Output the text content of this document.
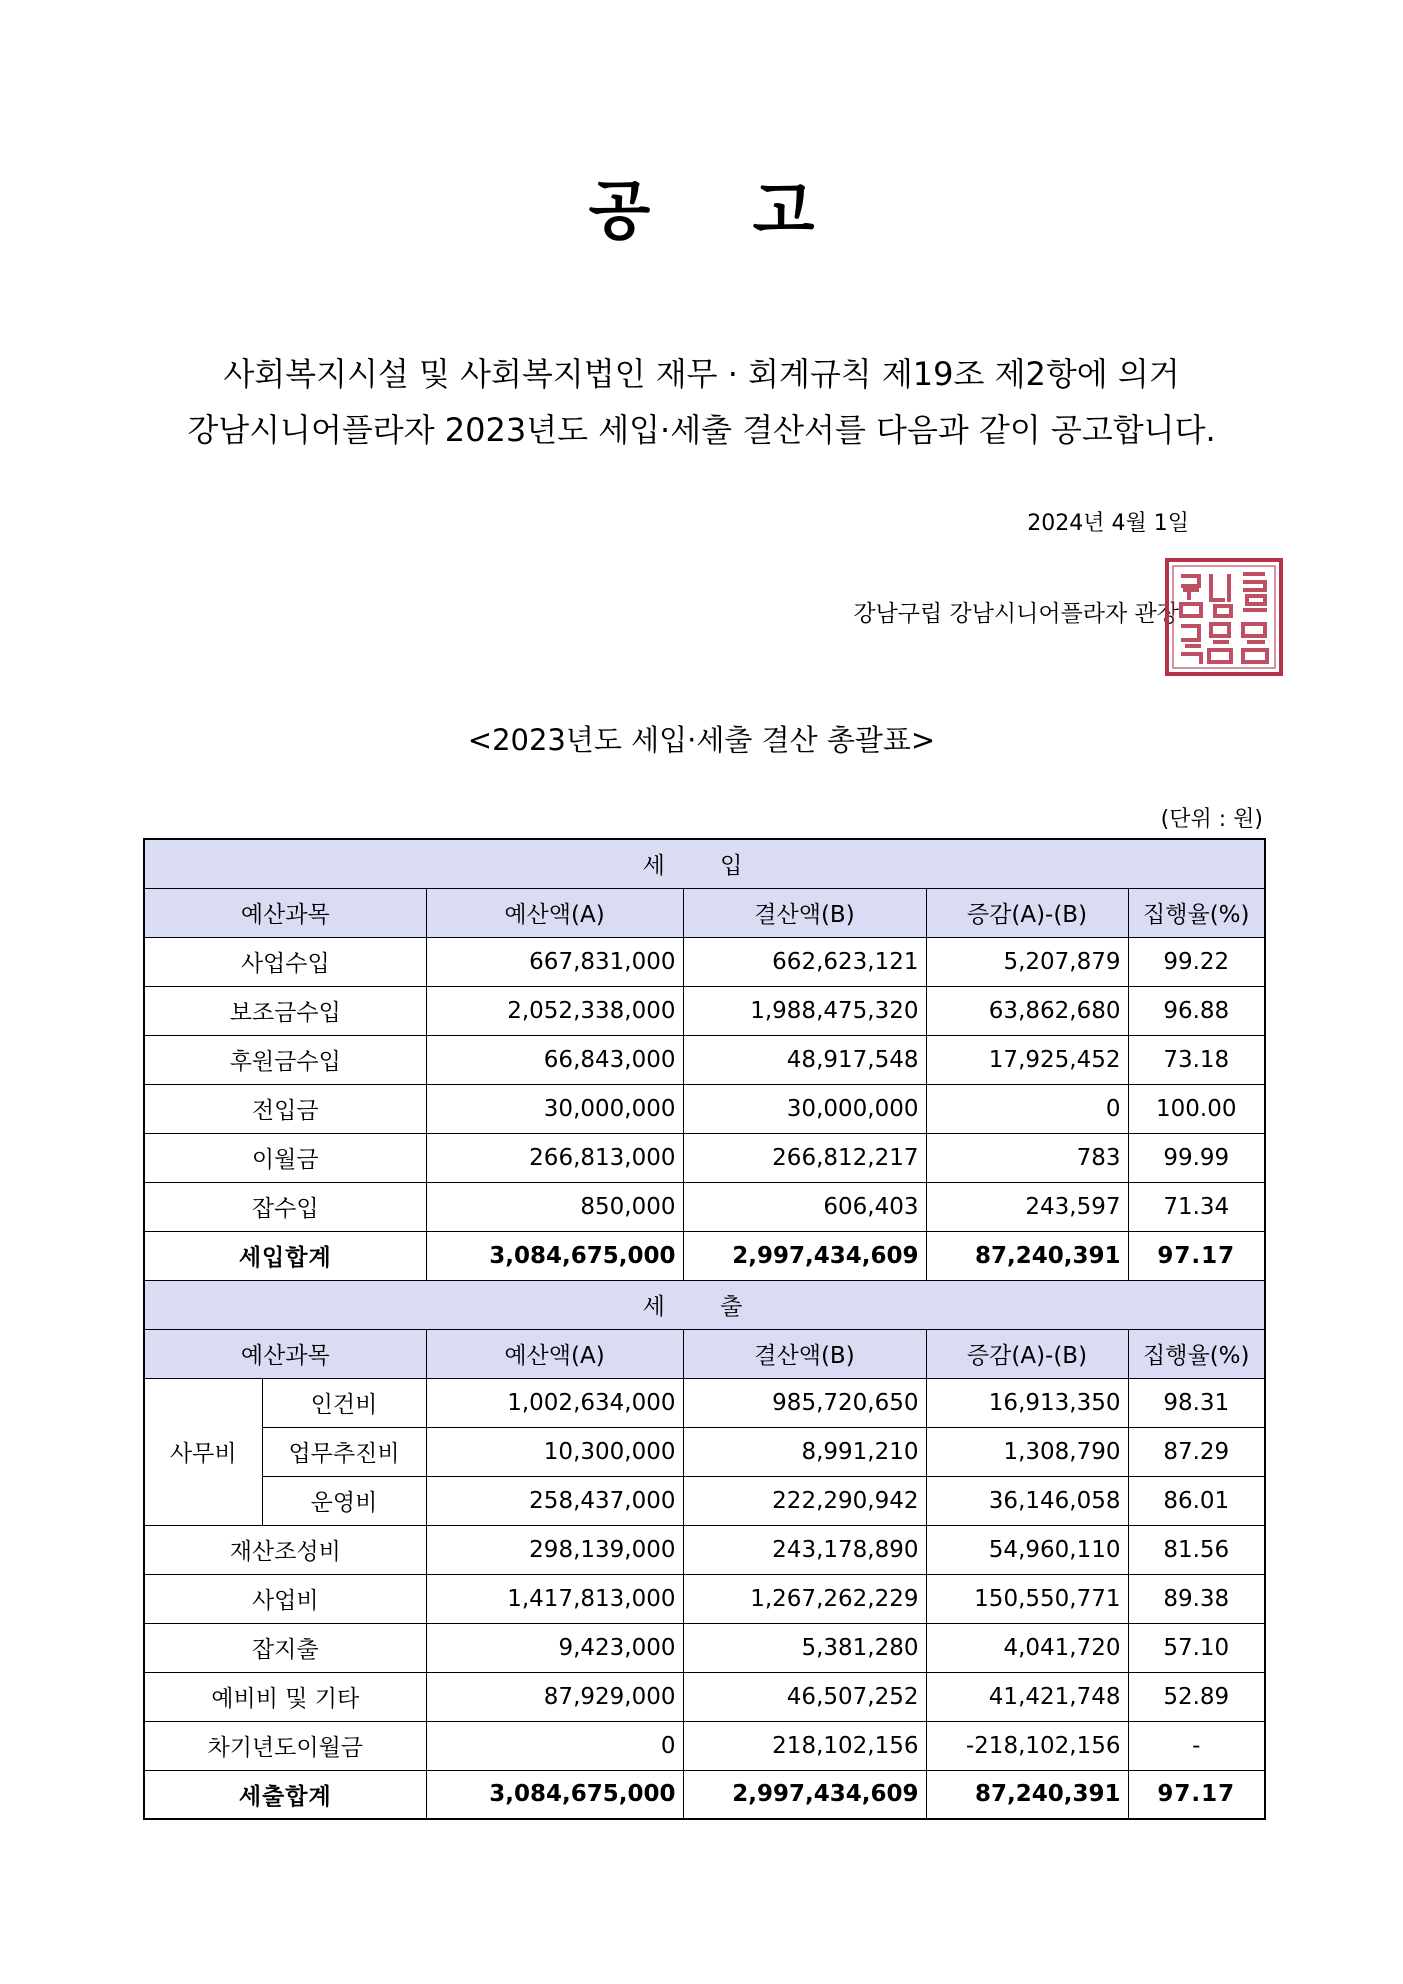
공 고
사회복지시설 및 사회복지법인 재무 · 회계규칙 제19조 제2항에 의거
강남시니어플라자 2023년도 세입·세출 결산서를 다음과 같이 공고합니다.
2024년 4월 1일
강남구립 강남시니어플라자 관장
<2023년도 세입·세출 결산 총괄표>
(단위 : 원)
세 입					
예산과목		예산액(A)	결산액(B)	증감(A)-(B)	집행율(%)
사업수입		667,831,000	662,623,121	5,207,879	99.22
보조금수입		2,052,338,000	1,988,475,320	63,862,680	96.88
후원금수입		66,843,000	48,917,548	17,925,452	73.18
전입금		30,000,000	30,000,000	0	100.00
이월금		266,813,000	266,812,217	783	99.99
잡수입		850,000	606,403	243,597	71.34
세입합계		3,084,675,000	2,997,434,609	87,240,391	97.17
세 출					
예산과목		예산액(A)	결산액(B)	증감(A)-(B)	집행율(%)
사무비	인건비	1,002,634,000	985,720,650	16,913,350	98.31
	업무추진비	10,300,000	8,991,210	1,308,790	87.29
	운영비	258,437,000	222,290,942	36,146,058	86.01
재산조성비		298,139,000	243,178,890	54,960,110	81.56
사업비		1,417,813,000	1,267,262,229	150,550,771	89.38
잡지출		9,423,000	5,381,280	4,041,720	57.10
예비비 및 기타		87,929,000	46,507,252	41,421,748	52.89
차기년도이월금		0	218,102,156	-218,102,156	-
세출합계		3,084,675,000	2,997,434,609	87,240,391	97.17
